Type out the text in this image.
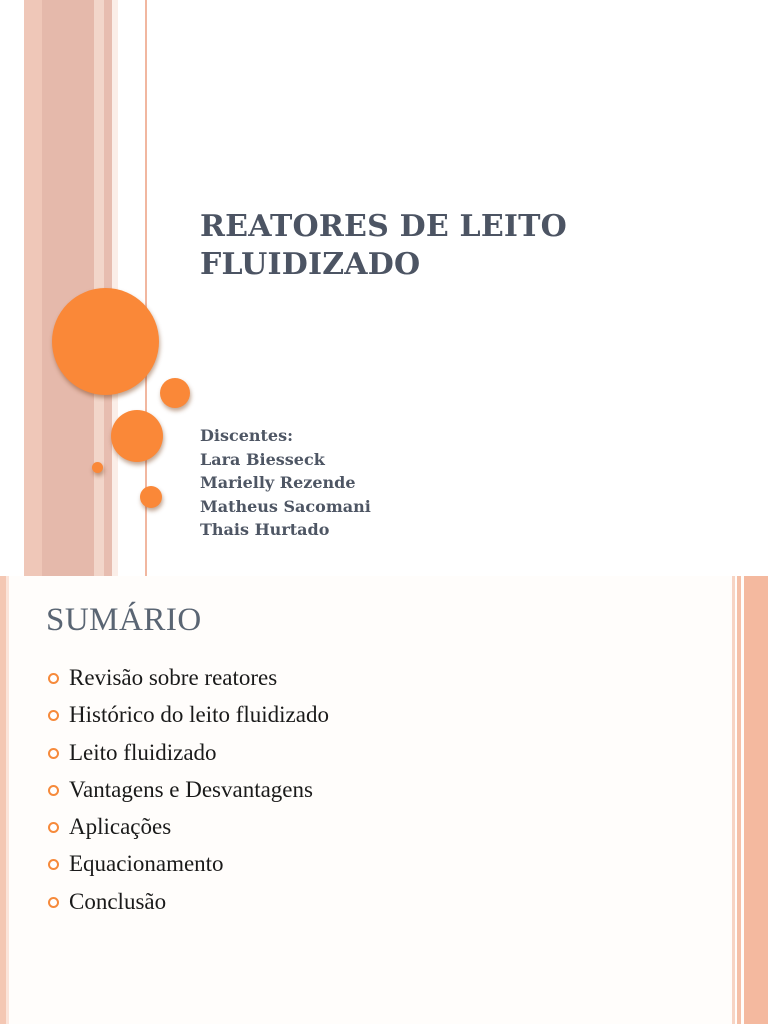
REATORES DE LEITO
FLUIDIZADO
Discentes:
Lara Biesseck
Marielly Rezende
Matheus Sacomani
Thais Hurtado
SUMÁRIO
Revisão sobre reatores
Histórico do leito fluidizado
Leito fluidizado
Vantagens e Desvantagens
Aplicações
Equacionamento
Conclusão
